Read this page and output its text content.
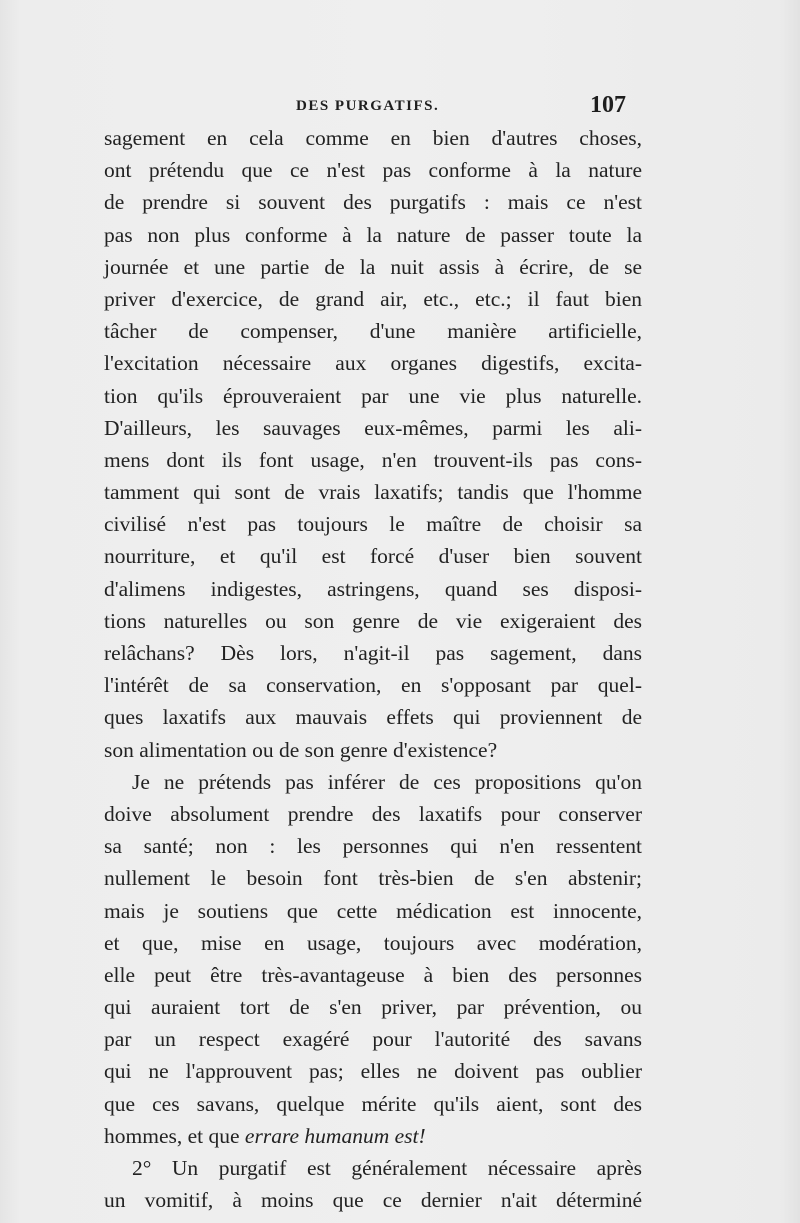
DES PURGATIFS.	107
sagement en cela comme en bien d'autres choses,
ont prétendu que ce n'est pas conforme à la nature
de prendre si souvent des purgatifs : mais ce n'est
pas non plus conforme à la nature de passer toute la
journée et une partie de la nuit assis à écrire, de se
priver d'exercice, de grand air, etc., etc.; il faut bien
tâcher de compenser, d'une manière artificielle,
l'excitation nécessaire aux organes digestifs, excita-
tion qu'ils éprouveraient par une vie plus naturelle.
D'ailleurs, les sauvages eux-mêmes, parmi les ali-
mens dont ils font usage, n'en trouvent-ils pas cons-
tamment qui sont de vrais laxatifs; tandis que l'homme
civilisé n'est pas toujours le maître de choisir sa
nourriture, et qu'il est forcé d'user bien souvent
d'alimens indigestes, astringens, quand ses disposi-
tions naturelles ou son genre de vie exigeraient des
relâchans? Dès lors, n'agit-il pas sagement, dans
l'intérêt de sa conservation, en s'opposant par quel-
ques laxatifs aux mauvais effets qui proviennent de
son alimentation ou de son genre d'existence?
Je ne prétends pas inférer de ces propositions qu'on
doive absolument prendre des laxatifs pour conserver
sa santé; non : les personnes qui n'en ressentent
nullement le besoin font très-bien de s'en abstenir;
mais je soutiens que cette médication est innocente,
et que, mise en usage, toujours avec modération,
elle peut être très-avantageuse à bien des personnes
qui auraient tort de s'en priver, par prévention, ou
par un respect exagéré pour l'autorité des savans
qui ne l'approuvent pas; elles ne doivent pas oublier
que ces savans, quelque mérite qu'ils aient, sont des
hommes, et que errare humanum est!
2° Un purgatif est généralement nécessaire après
un vomitif, à moins que ce dernier n'ait déterminé
